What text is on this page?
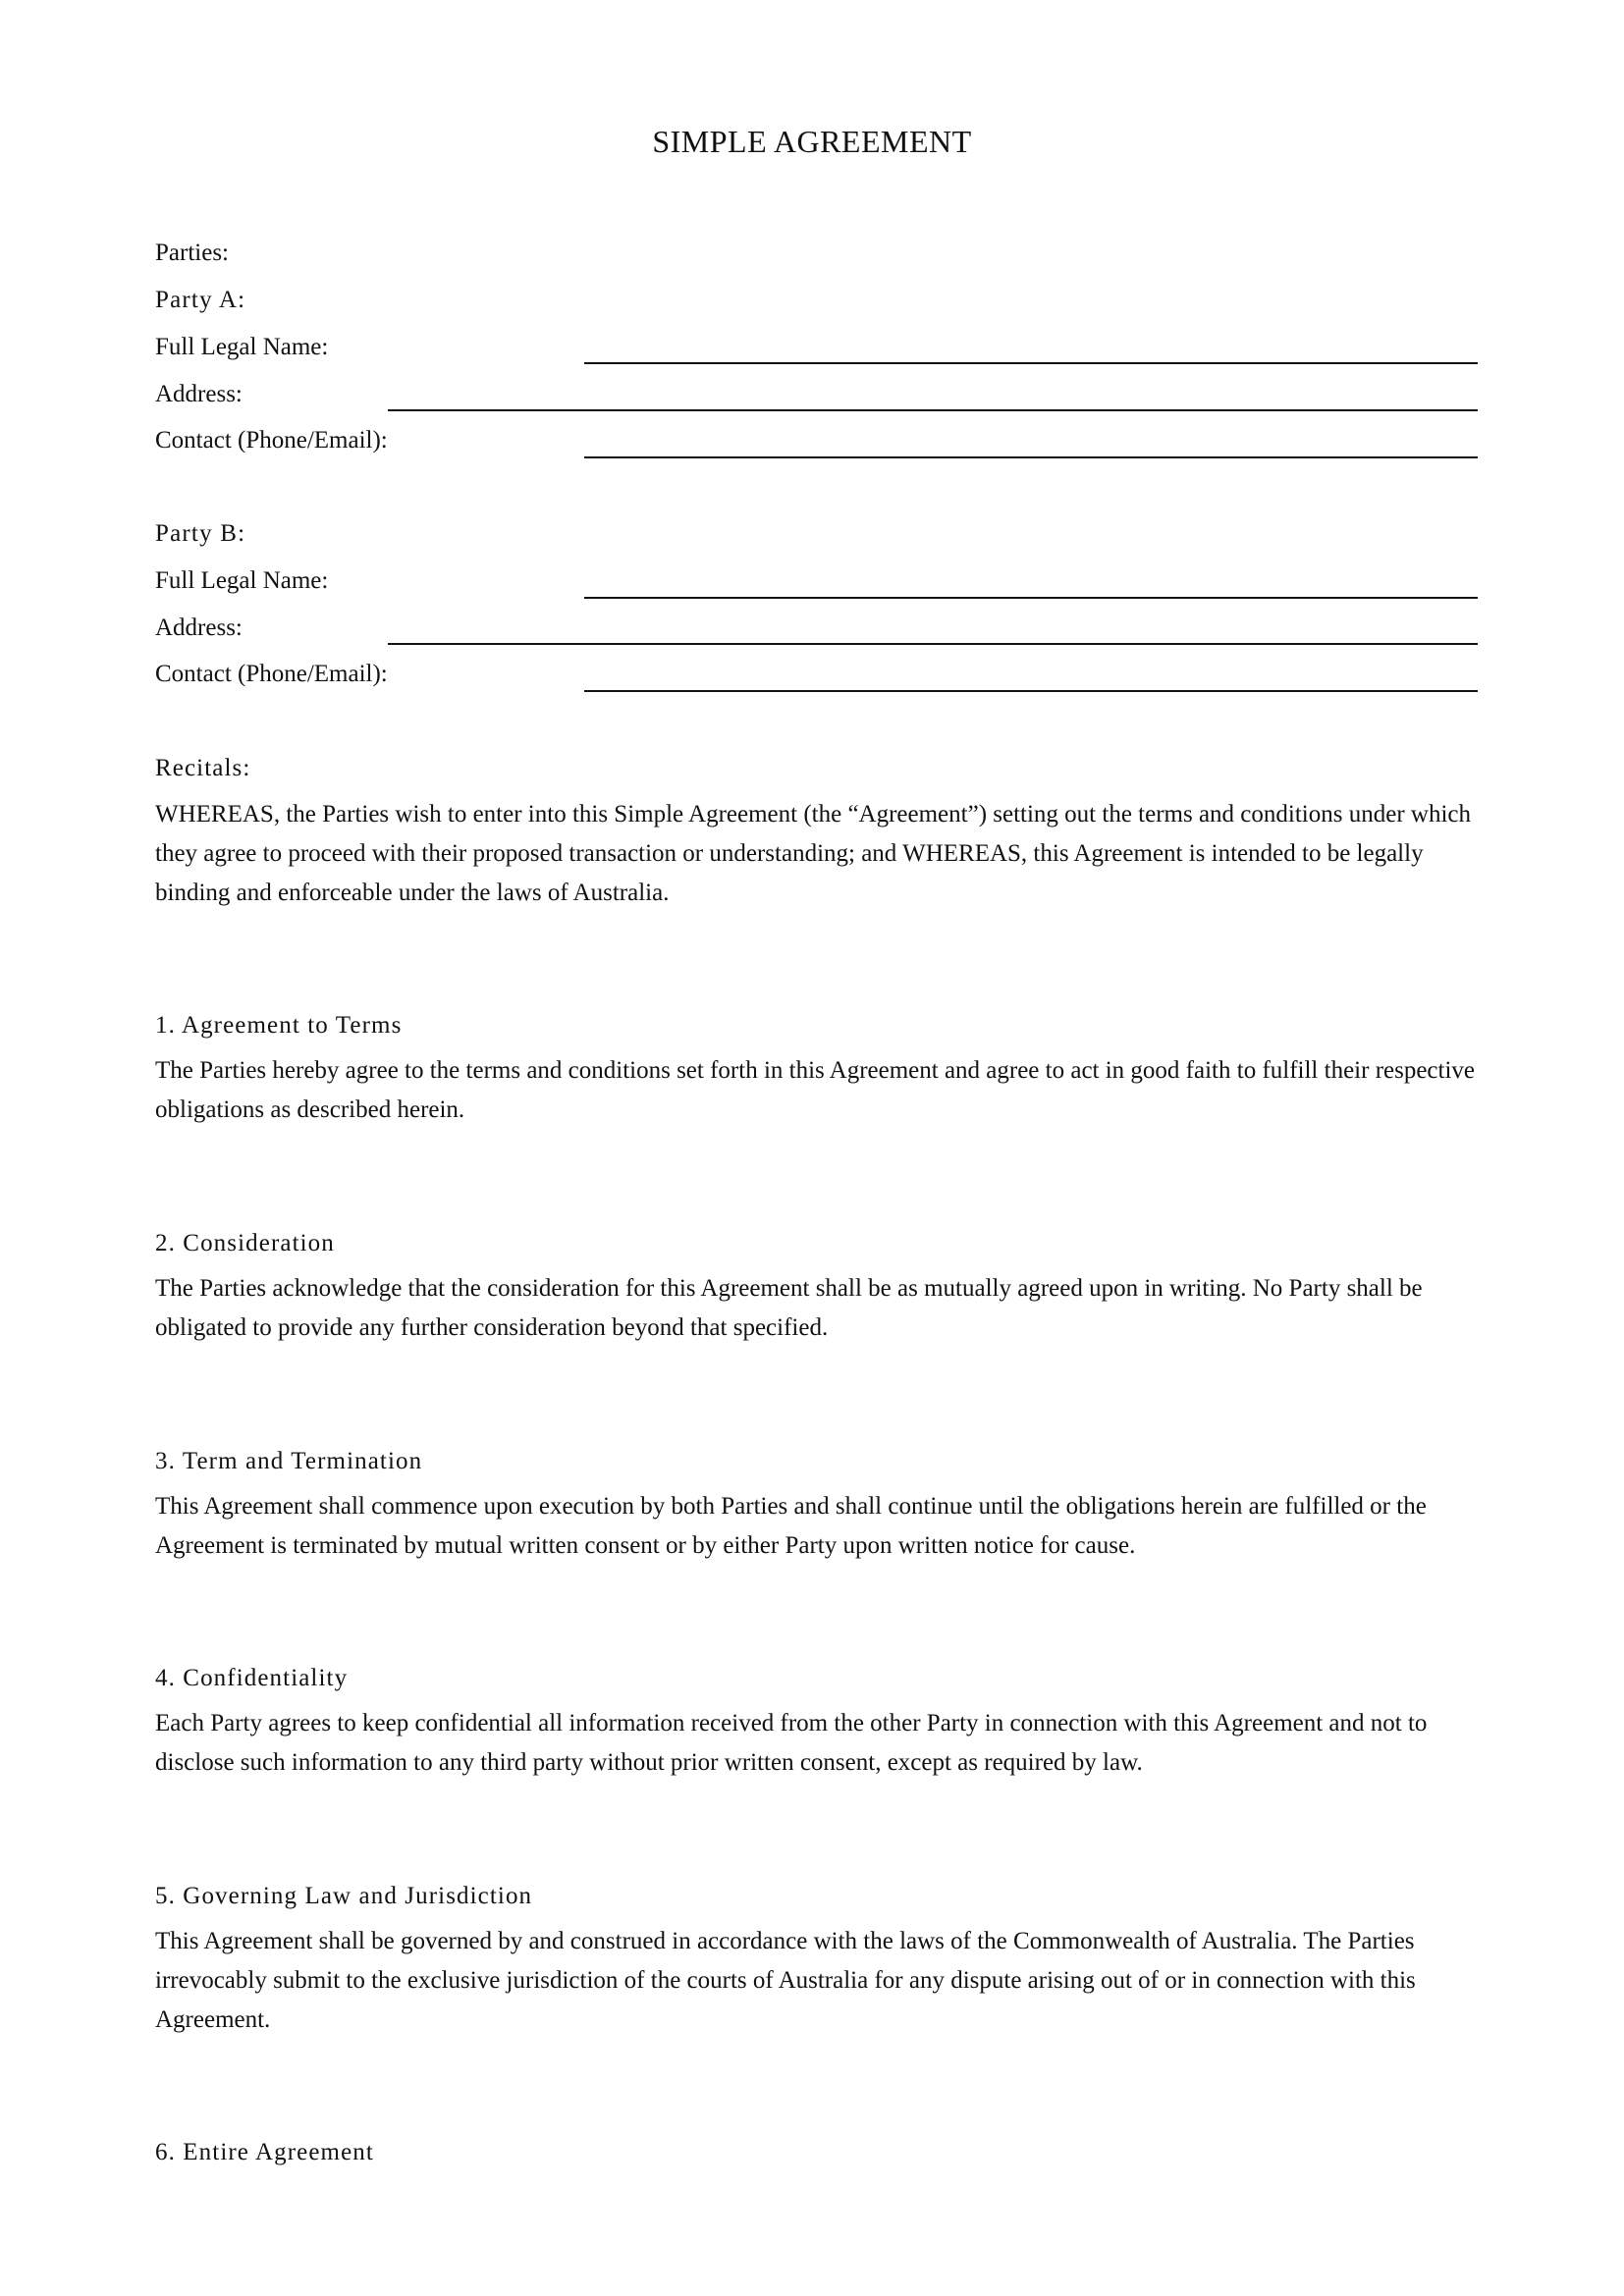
SIMPLE AGREEMENT
Parties:
Party A:
Full Legal Name:
Address:
Contact (Phone/Email):
Party B:
Full Legal Name:
Address:
Contact (Phone/Email):
Recitals:
WHEREAS, the Parties wish to enter into this Simple Agreement (the “Agreement”) setting out the terms and conditions under which they agree to proceed with their proposed transaction or understanding; and WHEREAS, this Agreement is intended to be legally binding and enforceable under the laws of Australia.
1. Agreement to Terms
The Parties hereby agree to the terms and conditions set forth in this Agreement and agree to act in good faith to fulfill their respective obligations as described herein.
2. Consideration
The Parties acknowledge that the consideration for this Agreement shall be as mutually agreed upon in writing. No Party shall be obligated to provide any further consideration beyond that specified.
3. Term and Termination
This Agreement shall commence upon execution by both Parties and shall continue until the obligations herein are fulfilled or the Agreement is terminated by mutual written consent or by either Party upon written notice for cause.
4. Confidentiality
Each Party agrees to keep confidential all information received from the other Party in connection with this Agreement and not to disclose such information to any third party without prior written consent, except as required by law.
5. Governing Law and Jurisdiction
This Agreement shall be governed by and construed in accordance with the laws of the Commonwealth of Australia. The Parties irrevocably submit to the exclusive jurisdiction of the courts of Australia for any dispute arising out of or in connection with this Agreement.
6. Entire Agreement
